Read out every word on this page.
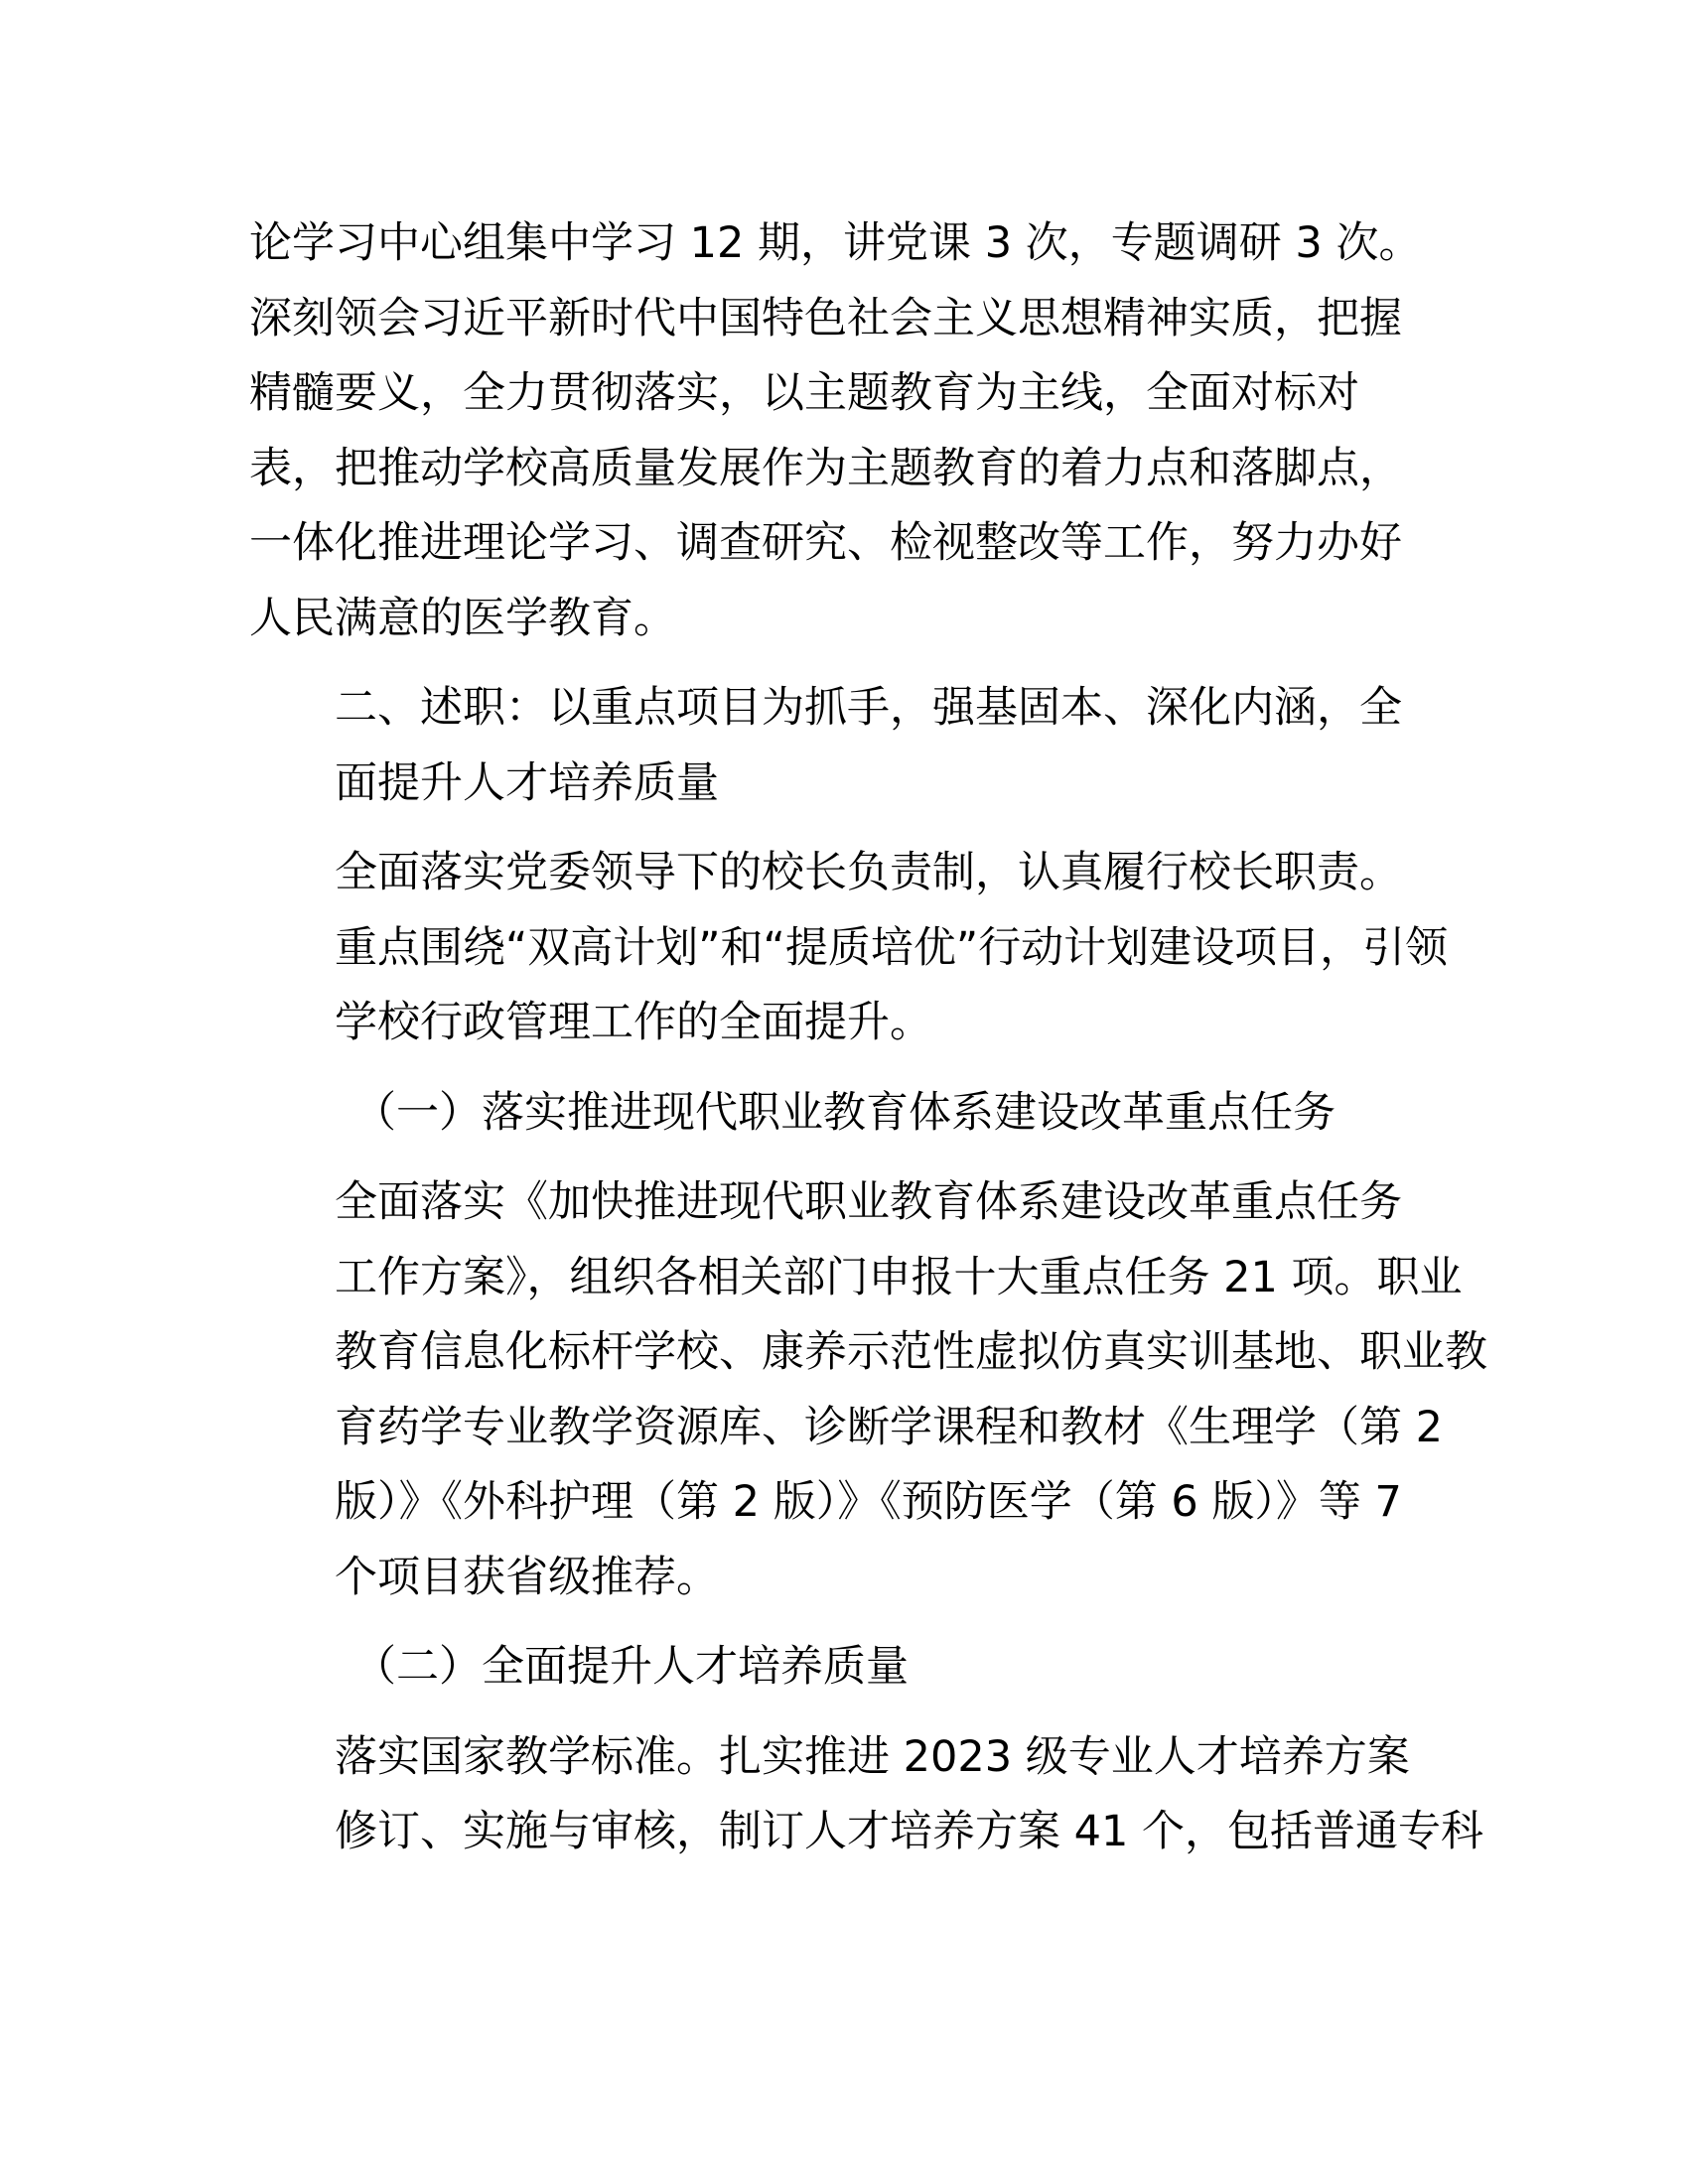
论学习中心组集中学习 12 期，讲党课 3 次，专题调研 3 次。
深刻领会习近平新时代中国特色社会主义思想精神实质，把握
精髓要义，全力贯彻落实，以主题教育为主线，全面对标对
表，把推动学校高质量发展作为主题教育的着力点和落脚点，
一体化推进理论学习、调查研究、检视整改等工作，努力办好
人民满意的医学教育。

二、述职：以重点项目为抓手，强基固本、深化内涵，全
面提升人才培养质量

全面落实党委领导下的校长负责制，认真履行校长职责。
重点围绕“双高计划”和“提质培优”行动计划建设项目，引领
学校行政管理工作的全面提升。

（一）落实推进现代职业教育体系建设改革重点任务

全面落实《加快推进现代职业教育体系建设改革重点任务
工作方案》，组织各相关部门申报十大重点任务 21 项。职业
教育信息化标杆学校、康养示范性虚拟仿真实训基地、职业教
育药学专业教学资源库、诊断学课程和教材《生理学（第 2
版）》《外科护理（第 2 版）》《预防医学（第 6 版）》等 7
个项目获省级推荐。

（二）全面提升人才培养质量

落实国家教学标准。扎实推进 2023 级专业人才培养方案
修订、实施与审核，制订人才培养方案 41 个，包括普通专科
